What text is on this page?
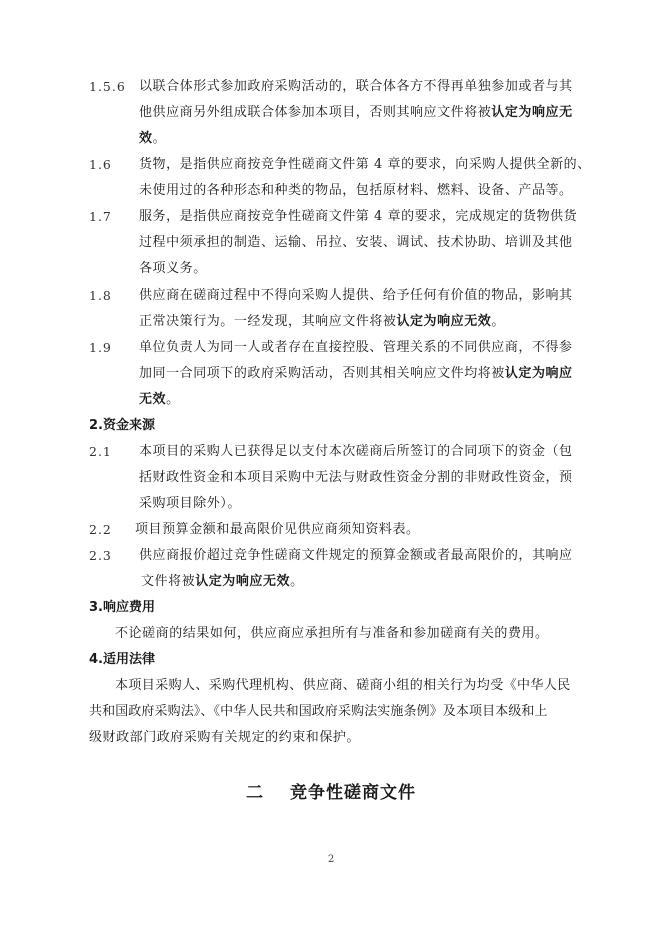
1.5.6 以联合体形式参加政府采购活动的，联合体各方不得再单独参加或者与其
他供应商另外组成联合体参加本项目，否则其响应文件将被认定为响应无
效。
1.6 货物，是指供应商按竞争性磋商文件第 4 章的要求，向采购人提供全新的、
未使用过的各种形态和种类的物品，包括原材料、燃料、设备、产品等。
1.7 服务，是指供应商按竞争性磋商文件第 4 章的要求，完成规定的货物供货
过程中须承担的制造、运输、吊拉、安装、调试、技术协助、培训及其他
各项义务。
1.8 供应商在磋商过程中不得向采购人提供、给予任何有价值的物品，影响其
正常决策行为。一经发现，其响应文件将被认定为响应无效。
1.9 单位负责人为同一人或者存在直接控股、管理关系的不同供应商，不得参
加同一合同项下的政府采购活动，否则其相关响应文件均将被认定为响应
无效。
2.资金来源
2.1 本项目的采购人已获得足以支付本次磋商后所签订的合同项下的资金（包
括财政性资金和本项目采购中无法与财政性资金分割的非财政性资金，预
采购项目除外）。
2.2 项目预算金额和最高限价见供应商须知资料表。
2.3 供应商报价超过竞争性磋商文件规定的预算金额或者最高限价的，其响应
文件将被认定为响应无效。
3.响应费用
不论磋商的结果如何，供应商应承担所有与准备和参加磋商有关的费用。
4.适用法律
本项目采购人、采购代理机构、供应商、磋商小组的相关行为均受《中华人民
共和国政府采购法》、《中华人民共和国政府采购法实施条例》及本项目本级和上
级财政部门政府采购有关规定的约束和保护。
二 竞争性磋商文件
2
